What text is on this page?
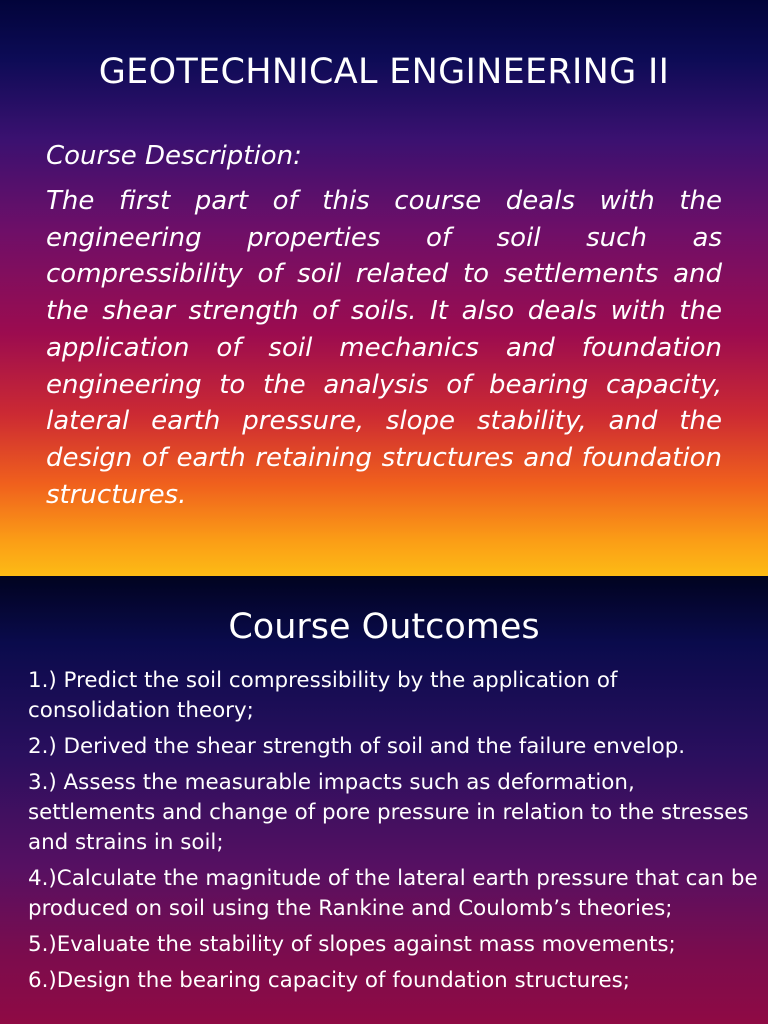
GEOTECHNICAL ENGINEERING II

Course Description:

The first part of this course deals with the engineering properties of soil such as compressibility of soil related to settlements and the shear strength of soils. It also deals with the application of soil mechanics and foundation engineering to the analysis of bearing capacity, lateral earth pressure, slope stability, and the design of earth retaining structures and foundation structures.

Course Outcomes
1.) Predict the soil compressibility by the application of consolidation theory;
2.) Derived the shear strength of soil and the failure envelop.
3.) Assess the measurable impacts such as deformation, settlements and change of pore pressure in relation to the stresses and strains in soil;
4.)Calculate the magnitude of the lateral earth pressure that can be produced on soil using the Rankine and Coulomb’s theories;
5.)Evaluate the stability of slopes against mass movements;
6.)Design the bearing capacity of foundation structures;
